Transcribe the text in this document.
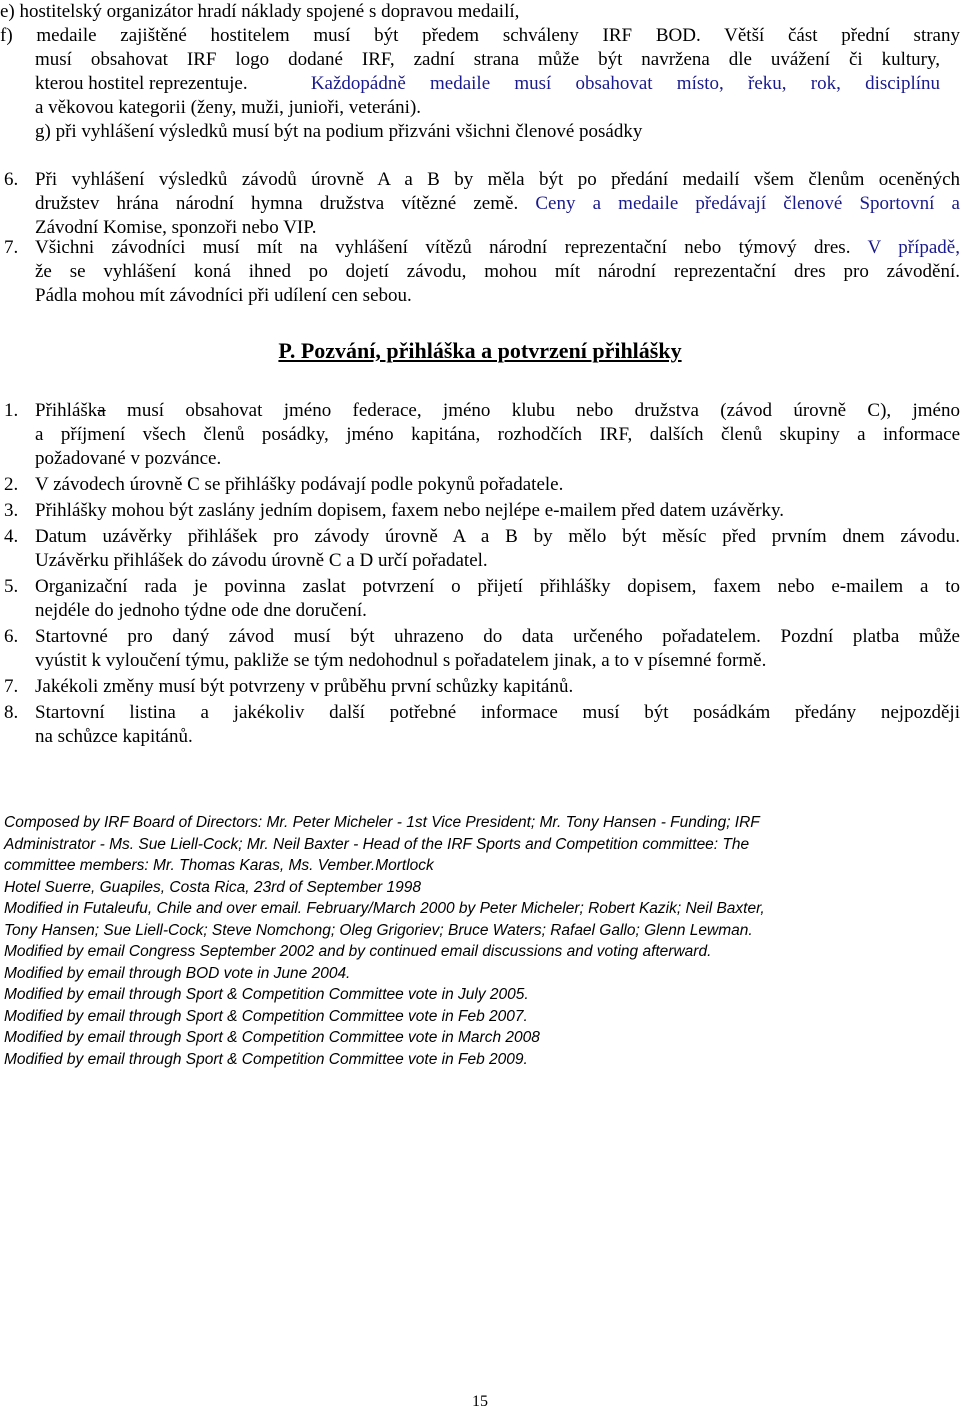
e) hostitelský organizátor hradí náklady spojené s dopravou medailí,
f) medaile zajištěné hostitelem musí být předem schváleny IRF BOD. Větší část přední strany
musí obsahovat IRF logo dodané IRF, zadní strana může být navržena dle uvážení či kultury,
kterou hostitel reprezentuje.	Každopádně medaile musí obsahovat místo, řeku, rok, disciplínu
a věkovou kategorii (ženy, muži, junioři, veteráni).
g) při vyhlášení výsledků musí být na podium přizváni všichni členové posádky
6. Při vyhlášení výsledků závodů úrovně A a B by měla být po předání medailí všem členům oceněných
družstev hrána národní hymna družstva vítězné země. Ceny a medaile předávají členové Sportovní a
Závodní Komise, sponzoři nebo VIP.
7. Všichni závodníci musí mít na vyhlášení vítězů národní reprezentační nebo týmový dres. V případě,
že se vyhlášení koná ihned po dojetí závodu, mohou mít národní reprezentační dres pro závodění.
Pádla mohou mít závodníci při udílení cen sebou.
P. Pozvání, přihláška a potvrzení přihlášky
1. Přihláška musí obsahovat jméno federace, jméno klubu nebo družstva (závod úrovně C), jméno
a příjmení všech členů posádky, jméno kapitána, rozhodčích IRF, dalších členů skupiny a informace
požadované v pozvánce.
2. V závodech úrovně C se přihlášky podávají podle pokynů pořadatele.
3. Přihlášky mohou být zaslány jedním dopisem, faxem nebo nejlépe e-mailem před datem uzávěrky.
4. Datum uzávěrky přihlášek pro závody úrovně A a B by mělo být měsíc před prvním dnem závodu.
Uzávěrku přihlášek do závodu úrovně C a D určí pořadatel.
5. Organizační rada je povinna zaslat potvrzení o přijetí přihlášky dopisem, faxem nebo e-mailem a to
nejdéle do jednoho týdne ode dne doručení.
6. Startovné pro daný závod musí být uhrazeno do data určeného pořadatelem. Pozdní platba může
vyústit k vyloučení týmu, pakliže se tým nedohodnul s pořadatelem jinak, a to v písemné formě.
7. Jakékoli změny musí být potvrzeny v průběhu první schůzky kapitánů.
8. Startovní listina a jakékoliv další potřebné informace musí být posádkám předány nejpozději
na schůzce kapitánů.
Composed by IRF Board of Directors: Mr. Peter Micheler - 1st Vice President; Mr. Tony Hansen - Funding; IRF
Administrator - Ms. Sue Liell-Cock; Mr. Neil Baxter - Head of the IRF Sports and Competition committee: The
committee members: Mr. Thomas Karas, Ms. Vember.Mortlock
Hotel Suerre, Guapiles, Costa Rica, 23rd of September 1998
Modified in Futaleufu, Chile and over email. February/March 2000 by Peter Micheler; Robert Kazik; Neil Baxter,
Tony Hansen; Sue Liell-Cock; Steve Nomchong; Oleg Grigoriev; Bruce Waters; Rafael Gallo; Glenn Lewman.
Modified by email Congress September 2002 and by continued email discussions and voting afterward.
Modified by email through BOD vote in June 2004.
Modified by email through Sport & Competition Committee vote in July 2005.
Modified by email through Sport & Competition Committee vote in Feb 2007.
Modified by email through Sport & Competition Committee vote in March 2008
Modified by email through Sport & Competition Committee vote in Feb 2009.
15
